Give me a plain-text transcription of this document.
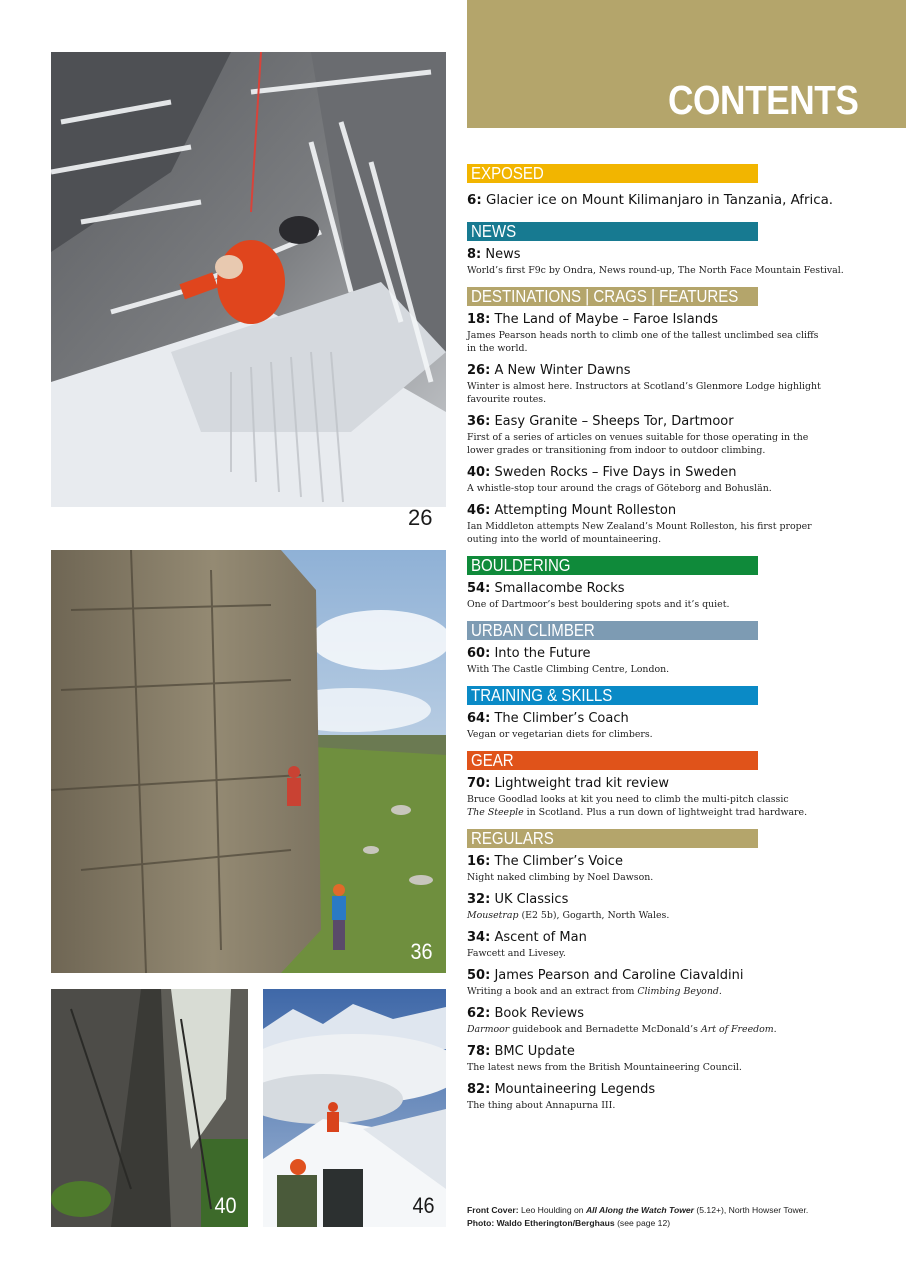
CONTENTS
26
36
40	46
EXPOSED
6: Glacier ice on Mount Kilimanjaro in Tanzania, Africa.
NEWS
8: News
World’s first F9c by Ondra, News round-up, The North Face Mountain Festival.
DESTINATIONS | CRAGS | FEATURES
18: The Land of Maybe – Faroe Islands
James Pearson heads north to climb one of the tallest unclimbed sea cliffs in the world.
26: A New Winter Dawns
Winter is almost here. Instructors at Scotland’s Glenmore Lodge highlight favourite routes.
36: Easy Granite – Sheeps Tor, Dartmoor
First of a series of articles on venues suitable for those operating in the lower grades or transitioning from indoor to outdoor climbing.
40: Sweden Rocks – Five Days in Sweden
A whistle-stop tour around the crags of Göteborg and Bohuslän.
46: Attempting Mount Rolleston
Ian Middleton attempts New Zealand’s Mount Rolleston, his first proper outing into the world of mountaineering.
BOULDERING
54: Smallacombe Rocks
One of Dartmoor’s best bouldering spots and it’s quiet.
URBAN CLIMBER
60: Into the Future
With The Castle Climbing Centre, London.
TRAINING & SKILLS
64: The Climber’s Coach
Vegan or vegetarian diets for climbers.
GEAR
70: Lightweight trad kit review
Bruce Goodlad looks at kit you need to climb the multi-pitch classic
The Steeple in Scotland. Plus a run down of lightweight trad hardware.
REGULARS
16: The Climber’s Voice
Night naked climbing by Noel Dawson.
32: UK Classics
Mousetrap (E2 5b), Gogarth, North Wales.
34: Ascent of Man
Fawcett and Livesey.
50: James Pearson and Caroline Ciavaldini
Writing a book and an extract from Climbing Beyond.
62: Book Reviews
Darmoor guidebook and Bernadette McDonald’s Art of Freedom.
78: BMC Update
The latest news from the British Mountaineering Council.
82: Mountaineering Legends
The thing about Annapurna III.
Front Cover: Leo Houlding on All Along the Watch Tower (5.12+), North Howser Tower.
Photo: Waldo Etherington/Berghaus (see page 12)
